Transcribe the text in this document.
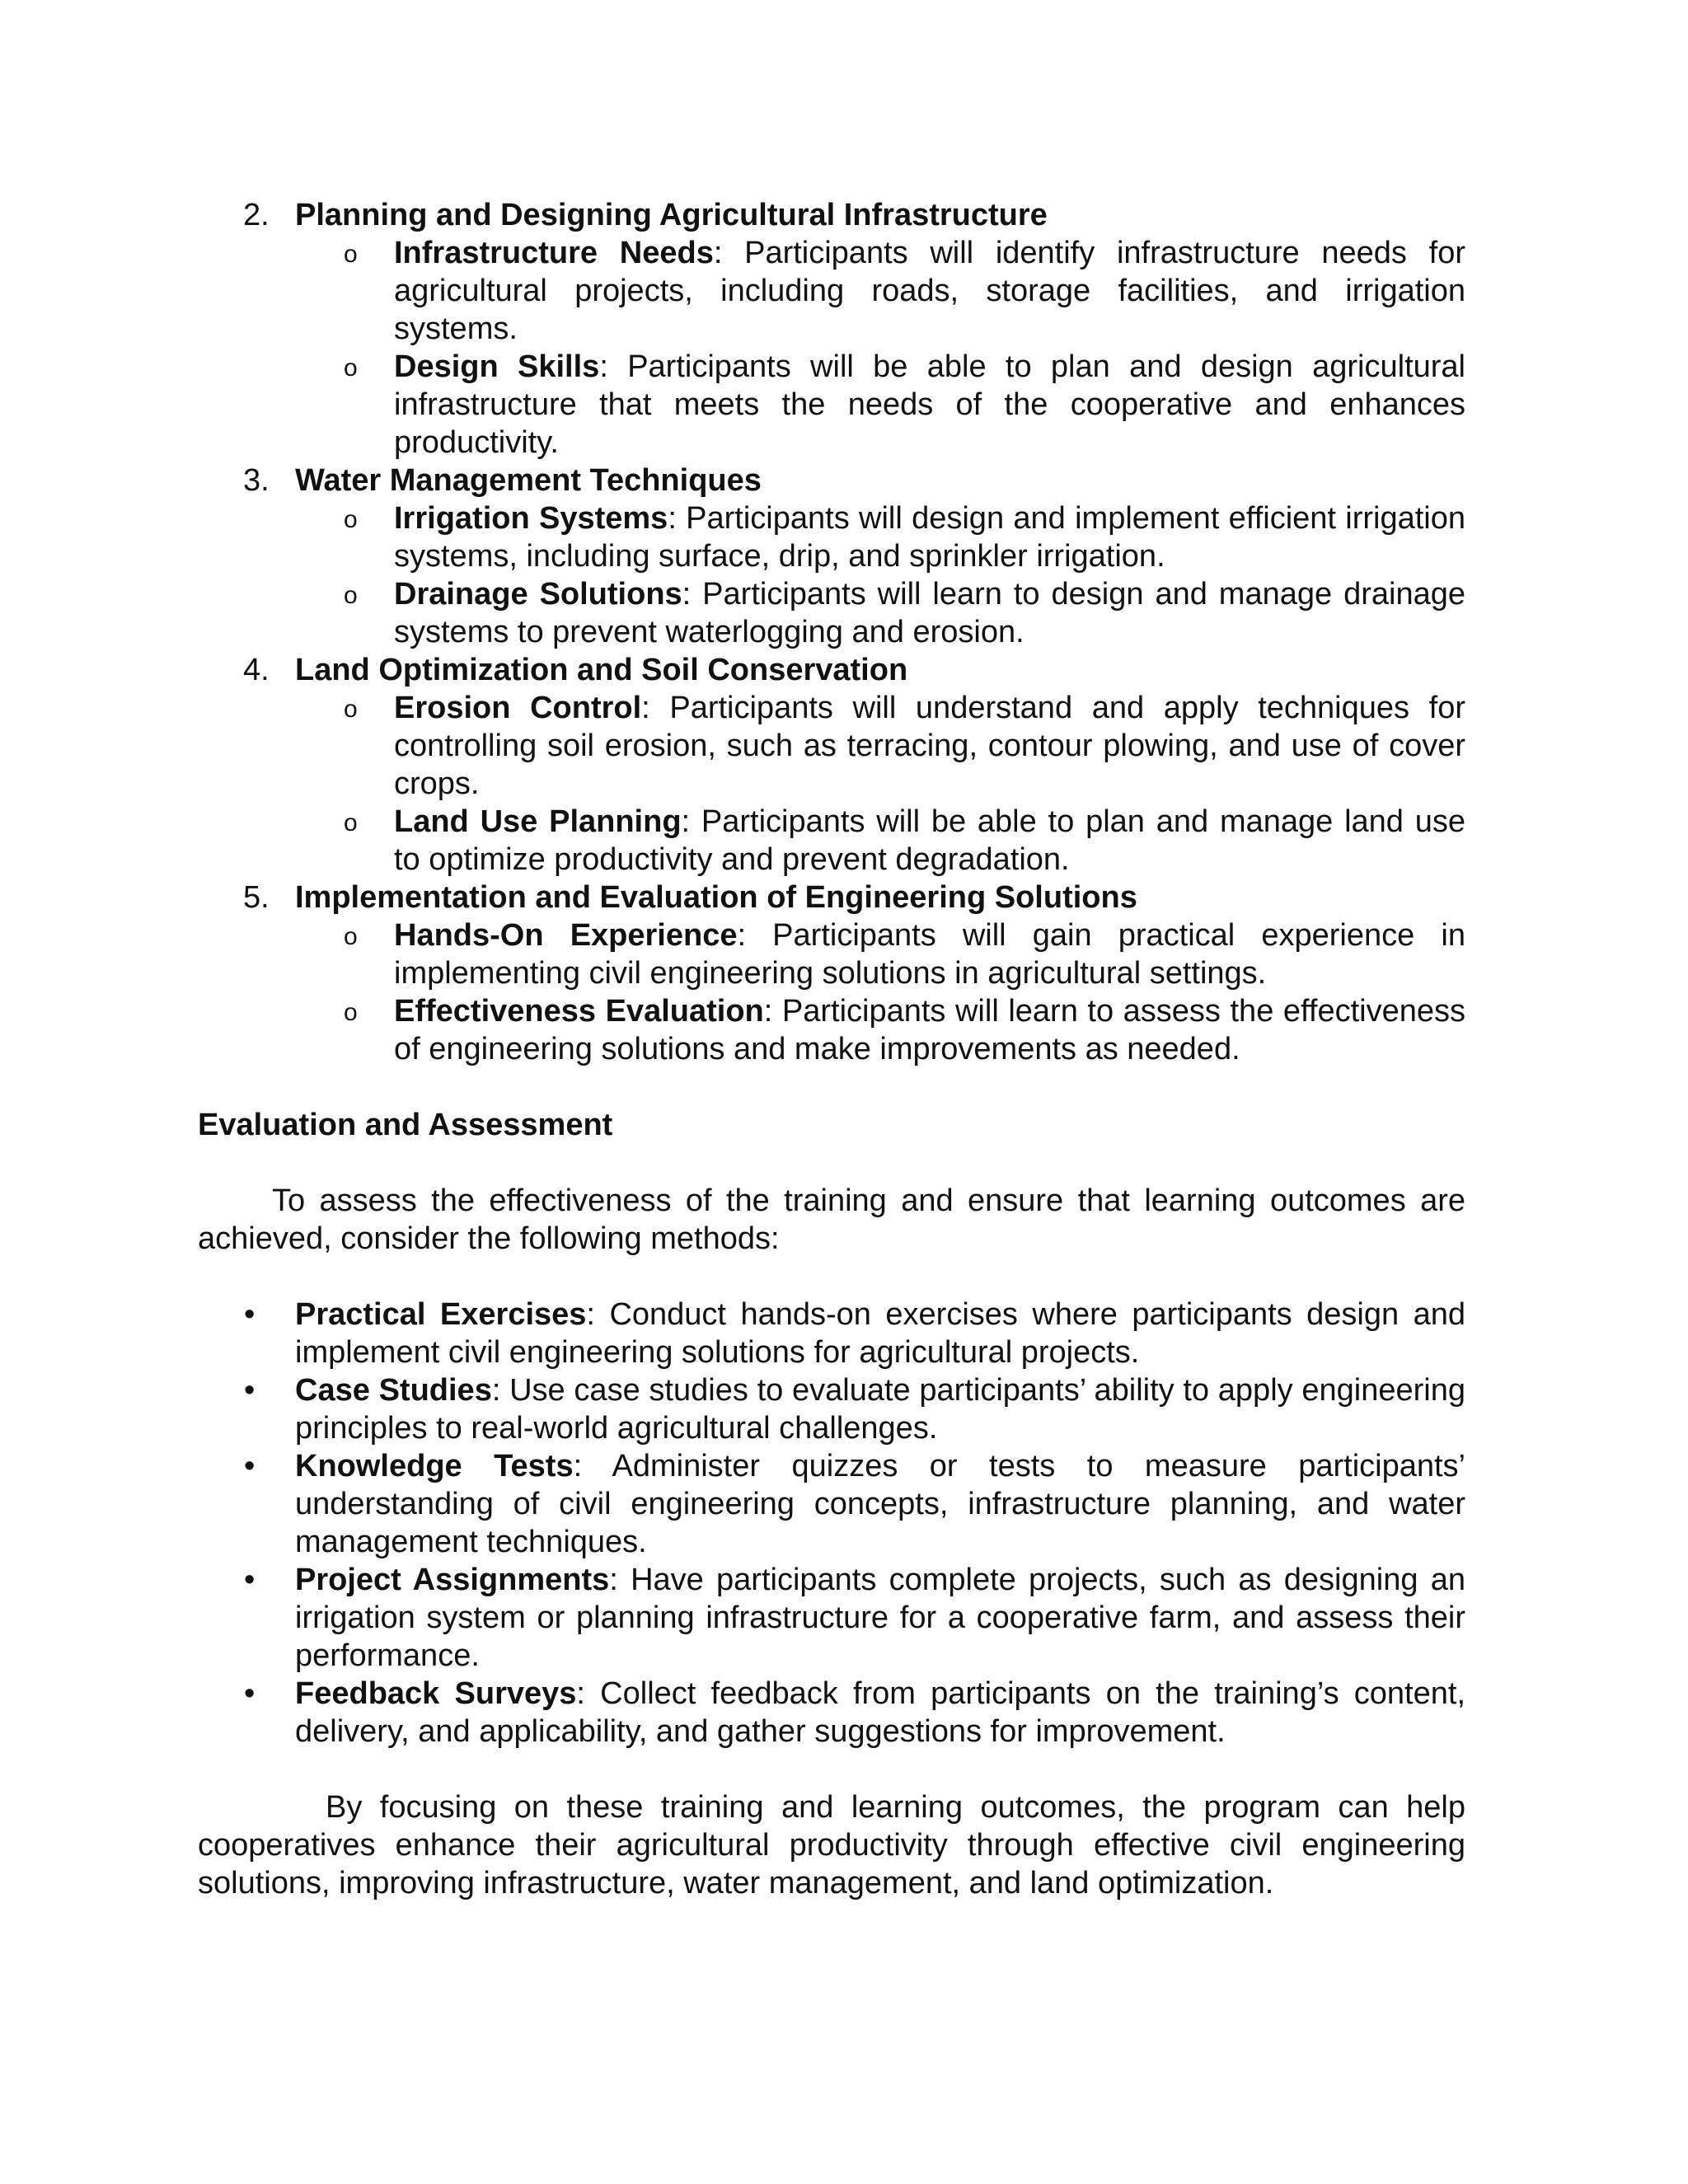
2. Planning and Designing Agricultural Infrastructure
o Infrastructure Needs: Participants will identify infrastructure needs for agricultural projects, including roads, storage facilities, and irrigation systems.
o Design Skills: Participants will be able to plan and design agricultural infrastructure that meets the needs of the cooperative and enhances productivity.
3. Water Management Techniques
o Irrigation Systems: Participants will design and implement efficient irrigation systems, including surface, drip, and sprinkler irrigation.
o Drainage Solutions: Participants will learn to design and manage drainage systems to prevent waterlogging and erosion.
4. Land Optimization and Soil Conservation
o Erosion Control: Participants will understand and apply techniques for controlling soil erosion, such as terracing, contour plowing, and use of cover crops.
o Land Use Planning: Participants will be able to plan and manage land use to optimize productivity and prevent degradation.
5. Implementation and Evaluation of Engineering Solutions
o Hands-On Experience: Participants will gain practical experience in implementing civil engineering solutions in agricultural settings.
o Effectiveness Evaluation: Participants will learn to assess the effectiveness of engineering solutions and make improvements as needed.
Evaluation and Assessment
To assess the effectiveness of the training and ensure that learning outcomes are achieved, consider the following methods:
• Practical Exercises: Conduct hands-on exercises where participants design and implement civil engineering solutions for agricultural projects.
• Case Studies: Use case studies to evaluate participants’ ability to apply engineering principles to real-world agricultural challenges.
• Knowledge Tests: Administer quizzes or tests to measure participants’ understanding of civil engineering concepts, infrastructure planning, and water management techniques.
• Project Assignments: Have participants complete projects, such as designing an irrigation system or planning infrastructure for a cooperative farm, and assess their performance.
• Feedback Surveys: Collect feedback from participants on the training’s content, delivery, and applicability, and gather suggestions for improvement.
By focusing on these training and learning outcomes, the program can help cooperatives enhance their agricultural productivity through effective civil engineering solutions, improving infrastructure, water management, and land optimization.
